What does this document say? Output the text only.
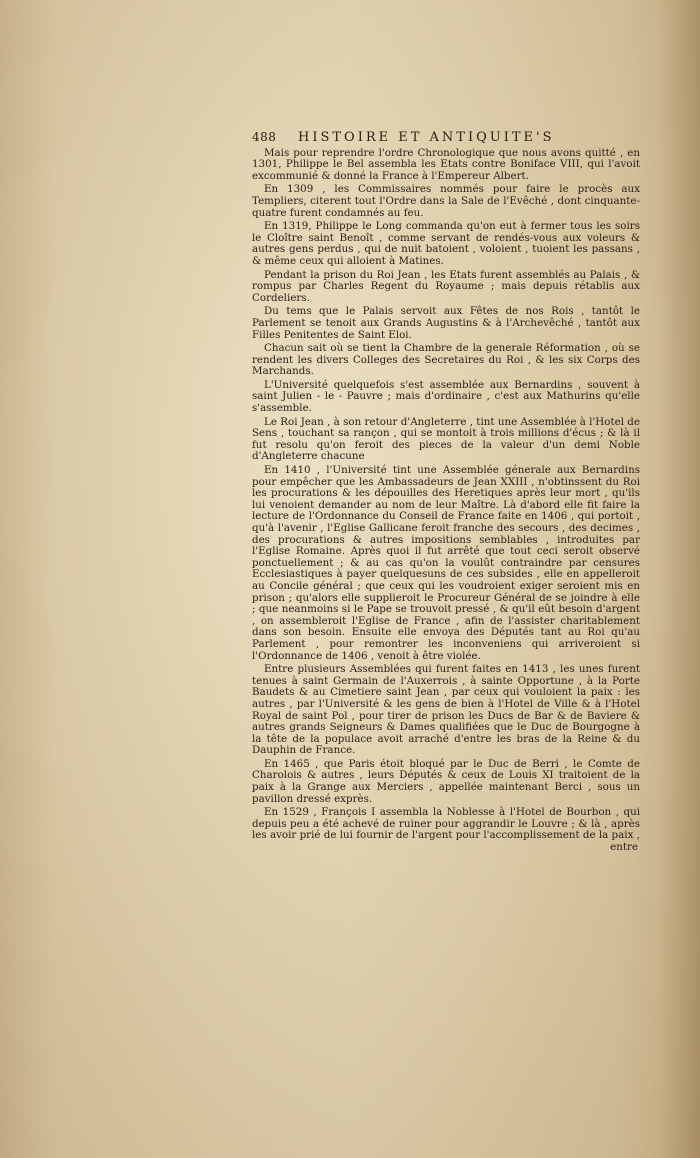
488	HISTOIRE ET ANTIQUITE'S

Mais pour reprendre l'ordre Chronologique que nous avons quitté , en 1301, Philippe le Bel assembla les Etats contre Boniface VIII, qui l'avoit excommunié & donné la France à l'Empereur Albert.

En 1309 , les Commissaires nommés pour faire le procès aux Templiers, citerent tout l'Ordre dans la Sale de l'Evêché , dont cinquante-quatre furent condamnés au feu.

En 1319, Philippe le Long commanda qu'on eut à fermer tous les soirs le Cloître saint Benoît , comme servant de rendés-vous aux voleurs & autres gens perdus , qui de nuit batoient , voloient , tuoient les passans , & même ceux qui alloient à Matines.

Pendant la prison du Roi Jean , les Etats furent assemblés au Palais , & rompus par Charles Regent du Royaume ; mais depuis rétablis aux Cordeliers.

Du tems que le Palais servoit aux Fêtes de nos Rois , tantôt le Parlement se tenoit aux Grands Augustins & à l'Archevêché , tantôt aux Filles Penitentes de Saint Eloi.

Chacun sait où se tient la Chambre de la generale Réformation , où se rendent les divers Colleges des Secretaires du Roi , & les six Corps des Marchands.

L'Université quelquefois s'est assemblée aux Bernardins , souvent à saint Julien - le - Pauvre ; mais d'ordinaire , c'est aux Mathurins qu'elle s'assemble.

Le Roi Jean , à son retour d'Angleterre , tint une Assemblée à l'Hotel de Sens , touchant sa rançon , qui se montoit à trois millions d'écus ; & là il fut resolu qu'on feroit des pieces de la valeur d'un demi Noble d'Angleterre chacune

En 1410 , l'Université tint une Assemblée génerale aux Bernardins pour empêcher que les Ambassadeurs de Jean XXIII , n'obtinssent du Roi les procurations & les dépouilles des Heretiques après leur mort , qu'ils lui venoient demander au nom de leur Maître. Là d'abord elle fit faire la lecture de l'Ordonnance du Conseil de France faite en 1406 , qui portoit , qu'à l'avenir , l'Eglise Gallicane feroit franche des secours , des decimes , des procurations & autres impositions semblables , introduites par l'Eglise Romaine. Après quoi il fut arrêté que tout ceci seroit observé ponctuellement ; & au cas qu'on la voulût contraindre par censures Ecclesiastiques à payer quelquesuns de ces subsides , elle en appelleroit au Concile général ; que ceux qui les voudroient exiger seroient mis en prison ; qu'alors elle supplieroit le Procureur Général de se joindre à elle ; que neanmoins si le Pape se trouvoit pressé , & qu'il eût besoin d'argent , on assembleroit l'Eglise de France , afin de l'assister charitablement dans son besoin. Ensuite elle envoya des Députés tant au Roi qu'au Parlement , pour remontrer les inconveniens qui arriveroient si l'Ordonnance de 1406 , venoit à être violée.

Entre plusieurs Assemblées qui furent faites en 1413 , les unes furent tenues à saint Germain de l'Auxerrois , à sainte Opportune , à la Porte Baudets & au Cimetiere saint Jean , par ceux qui vouloient la paix : les autres , par l'Université & les gens de bien à l'Hotel de Ville & à l'Hotel Royal de saint Pol , pour tirer de prison les Ducs de Bar & de Baviere & autres grands Seigneurs & Dames qualifiées que le Duc de Bourgogne à la tête de la populace avoit arraché d'entre les bras de la Reine & du Dauphin de France.

En 1465 , que Paris étoit bloqué par le Duc de Berri , le Comte de Charolois & autres , leurs Députés & ceux de Louis XI traitoient de la paix à la Grange aux Merciers , appellée maintenant Berci , sous un pavillon dressé exprès.

En 1529 , François I assembla la Noblesse à l'Hotel de Bourbon , qui depuis peu a été achevé de ruiner pour aggrandir le Louvre ; & là , après les avoir prié de lui fournir de l'argent pour l'accomplissement de la paix ,

entre
